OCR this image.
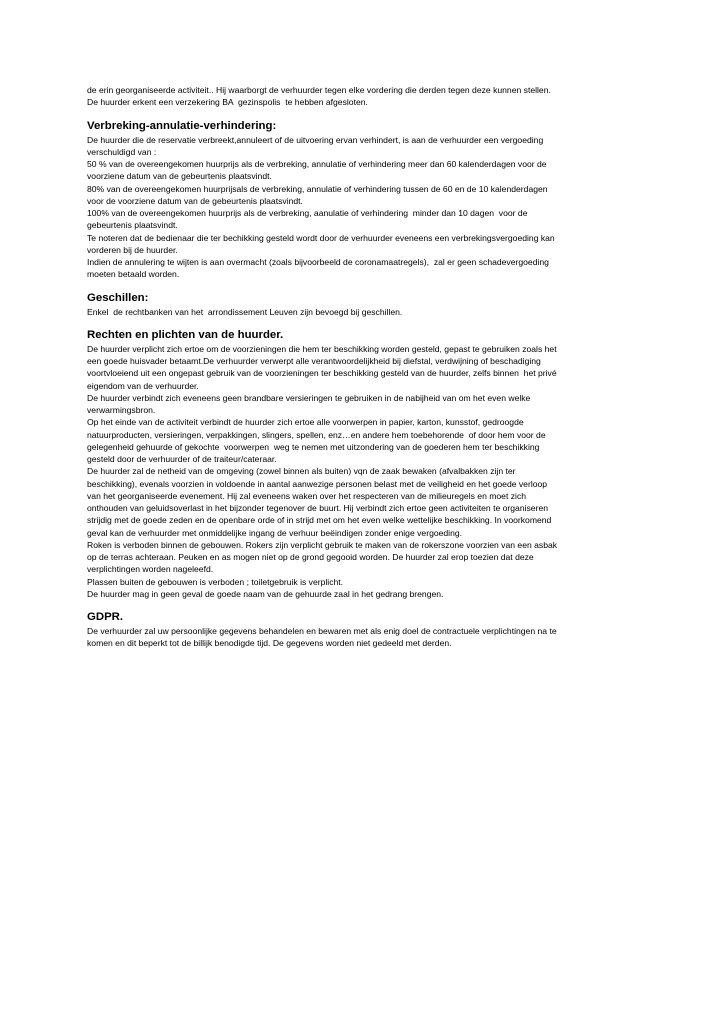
de erin georganiseerde activiteit.. Hij waarborgt de verhuurder tegen elke vordering die derden tegen deze kunnen stellen.

De huurder erkent een verzekering BA  gezinspolis  te hebben afgesloten.

Verbreking-annulatie-verhindering:

De huurder die de reservatie verbreekt,annuleert of de uitvoering ervan verhindert, is aan de verhuurder een vergoeding

verschuldigd van :

50 % van de overeengekomen huurprijs als de verbreking, annulatie of verhindering meer dan 60 kalenderdagen voor de

voorziene datum van de gebeurtenis plaatsvindt.

80% van de overeengekomen huurprijsals de verbreking, annulatie of verhindering tussen de 60 en de 10 kalenderdagen

voor de voorziene datum van de gebeurtenis plaatsvindt.

100% van de overeengekomen huurprijs als de verbreking, aanulatie of verhindering  minder dan 10 dagen  voor de

gebeurtenis plaatsvindt.

Te noteren dat de bedienaar die ter bechikking gesteld wordt door de verhuurder eveneens een verbrekingsvergoeding kan

vorderen bij de huurder.

Indien de annulering te wijten is aan overmacht (zoals bijvoorbeeld de coronamaatregels),  zal er geen schadevergoeding

moeten betaald worden.

Geschillen:

Enkel  de rechtbanken van het  arrondissement Leuven zijn bevoegd bij geschillen.

Rechten en plichten van de huurder.

De huurder verplicht zich ertoe om de voorzieningen die hem ter beschikking worden gesteld, gepast te gebruiken zoals het

een goede huisvader betaamt.De verhuurder verwerpt alle verantwoordelijkheid bij diefstal, verdwijning of beschadiging

voortvloeiend uit een ongepast gebruik van de voorzieningen ter beschikking gesteld van de huurder, zelfs binnen  het privé

eigendom van de verhuurder.

De huurder verbindt zich eveneens geen brandbare versieringen te gebruiken in de nabijheid van om het even welke

verwarmingsbron.

Op het einde van de activiteit verbindt de huurder zich ertoe alle voorwerpen in papier, karton, kunsstof, gedroogde

natuurproducten, versieringen, verpakkingen, slingers, spellen, enz…en andere hem toebehorende  of door hem voor de

gelegenheid gehuurde of gekochte  voorwerpen  weg te nemen met uitzondering van de goederen hem ter beschikking

gesteld door de verhuurder of de traiteur/cateraar.

De huurder zal de netheid van de omgeving (zowel binnen als buiten) vqn de zaak bewaken (afvalbakken zijn ter

beschikking), evenals voorzien in voldoende in aantal aanwezige personen belast met de veiligheid en het goede verloop

van het georganiseerde evenement. Hij zal eveneens waken over het respecteren van de milieuregels en moet zich

onthouden van geluidsoverlast in het bijzonder tegenover de buurt. Hij verbindt zich ertoe geen activiteiten te organiseren

strijdig met de goede zeden en de openbare orde of in strijd met om het even welke wettelijke beschikking. In voorkomend

geval kan de verhuurder met onmiddelijke ingang de verhuur beëindigen zonder enige vergoeding.

Roken is verboden binnen de gebouwen. Rokers zijn verplicht gebruik te maken van de rokerszone voorzien van een asbak

op de terras achteraan. Peuken en as mogen niet op de grond gegooid worden. De huurder zal erop toezien dat deze

verplichtingen worden nageleefd.

Plassen buiten de gebouwen is verboden ; toiletgebruik is verplicht.

De huurder mag in geen geval de goede naam van de gehuurde zaal in het gedrang brengen.

GDPR.

De verhuurder zal uw persoonlijke gegevens behandelen en bewaren met als enig doel de contractuele verplichtingen na te

komen en dit beperkt tot de billijk benodigde tijd. De gegevens worden niet gedeeld met derden.
